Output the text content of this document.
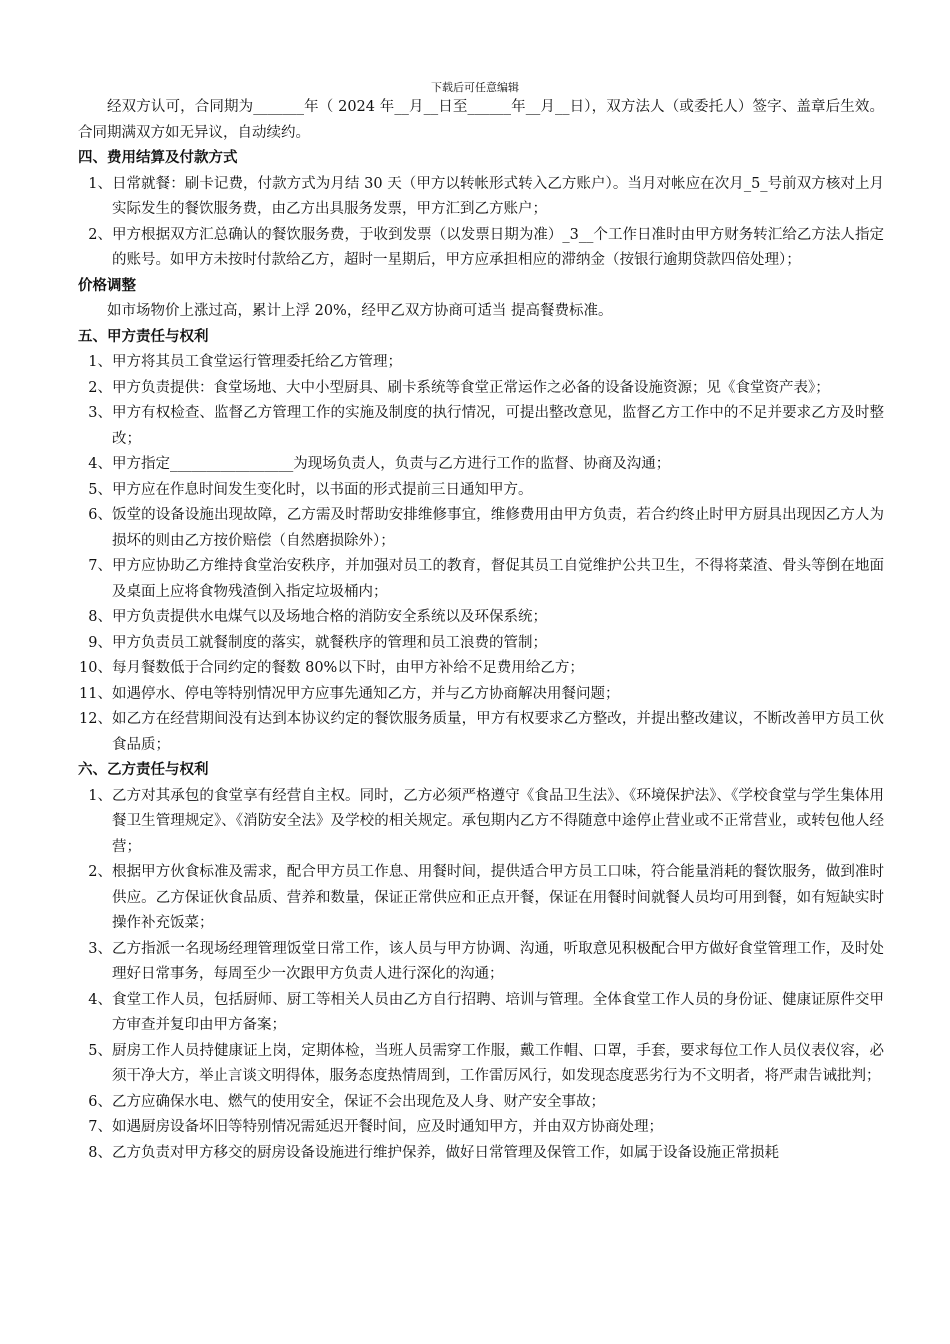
下载后可任意编辑
经双方认可，合同期为_______年（ 2024 年__月__日至______年__月__日），双方法人（或委托人）签字、盖章后生效。合同期满双方如无异议，自动续约。
四、费用结算及付款方式
1、 日常就餐：刷卡记费，付款方式为月结 30 天（甲方以转帐形式转入乙方账户）。当月对帐应在次月_5_号前双方核对上月实际发生的餐饮服务费，由乙方出具服务发票，甲方汇到乙方账户；
2、 甲方根据双方汇总确认的餐饮服务费，于收到发票（以发票日期为准）_3__个工作日准时由甲方财务转汇给乙方法人指定的账号。如甲方未按时付款给乙方，超时一星期后，甲方应承担相应的滞纳金（按银行逾期贷款四倍处理）；
价格调整
如市场物价上涨过高，累计上浮 20%，经甲乙双方协商可适当 提高餐费标准。
五、甲方责任与权利
1、 甲方将其员工食堂运行管理委托给乙方管理；
2、 甲方负责提供：食堂场地、大中小型厨具、刷卡系统等食堂正常运作之必备的设备设施资源；见《食堂资产表》；
3、 甲方有权检查、监督乙方管理工作的实施及制度的执行情况，可提出整改意见，监督乙方工作中的不足并要求乙方及时整改；
4、 甲方指定_________________为现场负责人，负责与乙方进行工作的监督、协商及沟通；
5、 甲方应在作息时间发生变化时，以书面的形式提前三日通知甲方。
6、 饭堂的设备设施出现故障，乙方需及时帮助安排维修事宜，维修费用由甲方负责，若合约终止时甲方厨具出现因乙方人为损坏的则由乙方按价赔偿（自然磨损除外）；
7、 甲方应协助乙方维持食堂治安秩序，并加强对员工的教育，督促其员工自觉维护公共卫生，不得将菜渣、骨头等倒在地面及桌面上应将食物残渣倒入指定垃圾桶内；
8、 甲方负责提供水电煤气以及场地合格的消防安全系统以及环保系统；
9、 甲方负责员工就餐制度的落实，就餐秩序的管理和员工浪费的管制；
10、 每月餐数低于合同约定的餐数 80%以下时，由甲方补给不足费用给乙方；
11、 如遇停水、停电等特别情况甲方应事先通知乙方，并与乙方协商解决用餐问题；
12、 如乙方在经营期间没有达到本协议约定的餐饮服务质量，甲方有权要求乙方整改，并提出整改建议，不断改善甲方员工伙食品质；
六、乙方责任与权利
1、 乙方对其承包的食堂享有经营自主权。同时，乙方必须严格遵守《食品卫生法》、《环境保护法》、《学校食堂与学生集体用餐卫生管理规定》、《消防安全法》及学校的相关规定。承包期内乙方不得随意中途停止营业或不正常营业，或转包他人经营；
2、 根据甲方伙食标准及需求，配合甲方员工作息、用餐时间，提供适合甲方员工口味，符合能量消耗的餐饮服务，做到准时供应。乙方保证伙食品质、营养和数量，保证正常供应和正点开餐，保证在用餐时间就餐人员均可用到餐，如有短缺实时操作补充饭菜；
3、 乙方指派一名现场经理管理饭堂日常工作，该人员与甲方协调、沟通，听取意见积极配合甲方做好食堂管理工作，及时处理好日常事务，每周至少一次跟甲方负责人进行深化的沟通；
4、 食堂工作人员，包括厨师、厨工等相关人员由乙方自行招聘、培训与管理。全体食堂工作人员的身份证、健康证原件交甲方审查并复印由甲方备案；
5、 厨房工作人员持健康证上岗，定期体检，当班人员需穿工作服，戴工作帽、口罩，手套，要求每位工作人员仪表仪容，必须干净大方，举止言谈文明得体，服务态度热情周到，工作雷厉风行，如发现态度恶劣行为不文明者，将严肃告诫批判；
6、 乙方应确保水电、燃气的使用安全，保证不会出现危及人身、财产安全事故；
7、 如遇厨房设备坏旧等特别情况需延迟开餐时间，应及时通知甲方，并由双方协商处理；
8、 乙方负责对甲方移交的厨房设备设施进行维护保养，做好日常管理及保管工作，如属于设备设施正常损耗
